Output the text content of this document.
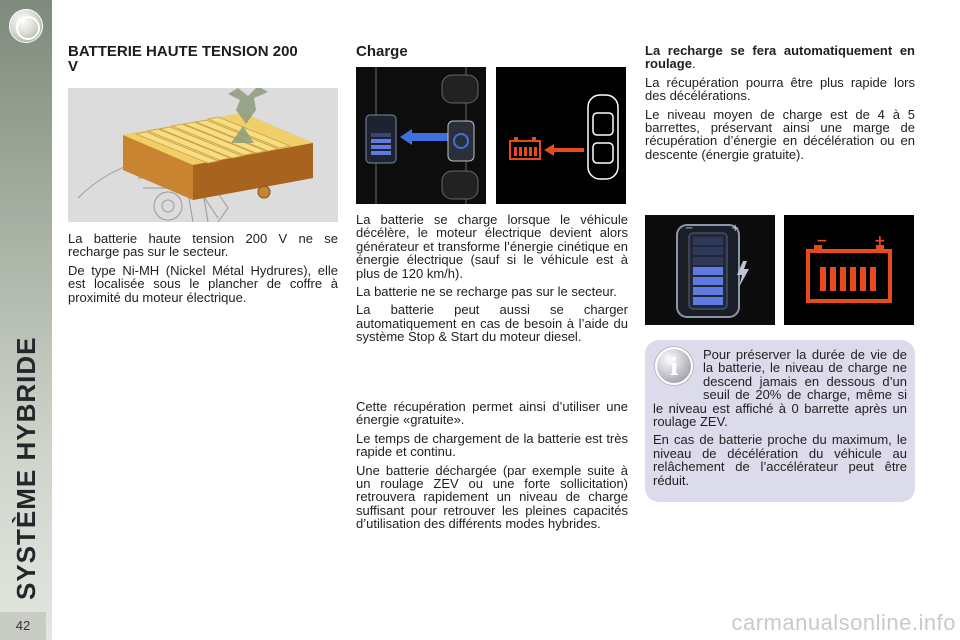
SYSTÈME HYBRIDE
42
BATTERIE HAUTE TENSION 200 V

La batterie haute tension 200 V ne se recharge pas sur le secteur.

De type Ni-MH (Nickel Métal Hydrures), elle est localisée sous le plancher de coffre à proximité du moteur électrique.

Charge

La batterie se charge lorsque le véhicule décélère, le moteur électrique devient alors générateur et transforme l’énergie cinétique en énergie électrique (sauf si le véhicule est à plus de 120 km/h).

La batterie ne se recharge pas sur le secteur.

La batterie peut aussi se charger automatiquement en cas de besoin à l’aide du système Stop & Start du moteur diesel.

Cette récupération permet ainsi d’utiliser une énergie «gratuite».

Le temps de chargement de la batterie est très rapide et continu.

Une batterie déchargée (par exemple suite à un roulage ZEV ou une forte sollicitation) retrouvera rapidement un niveau de charge suffisant pour retrouver les pleines capacités d’utilisation des différents modes hybrides.

La recharge se fera automatiquement en roulage.

La récupération pourra être plus rapide lors des décélérations.

Le niveau moyen de charge est de 4 à 5 barrettes, préservant ainsi une marge de récupération d’énergie en décélération ou en descente (énergie gratuite).

−	+
−	+
i	Pour préserver la durée de vie de la batterie, le niveau de charge ne descend jamais en dessous d’un seuil de 20% de charge, même si le niveau est affiché à 0 barrette après un roulage ZEV.

En cas de batterie proche du maximum, le niveau de décélération du véhicule au relâchement de l’accélérateur peut être réduit.

carmanualsonline.info
